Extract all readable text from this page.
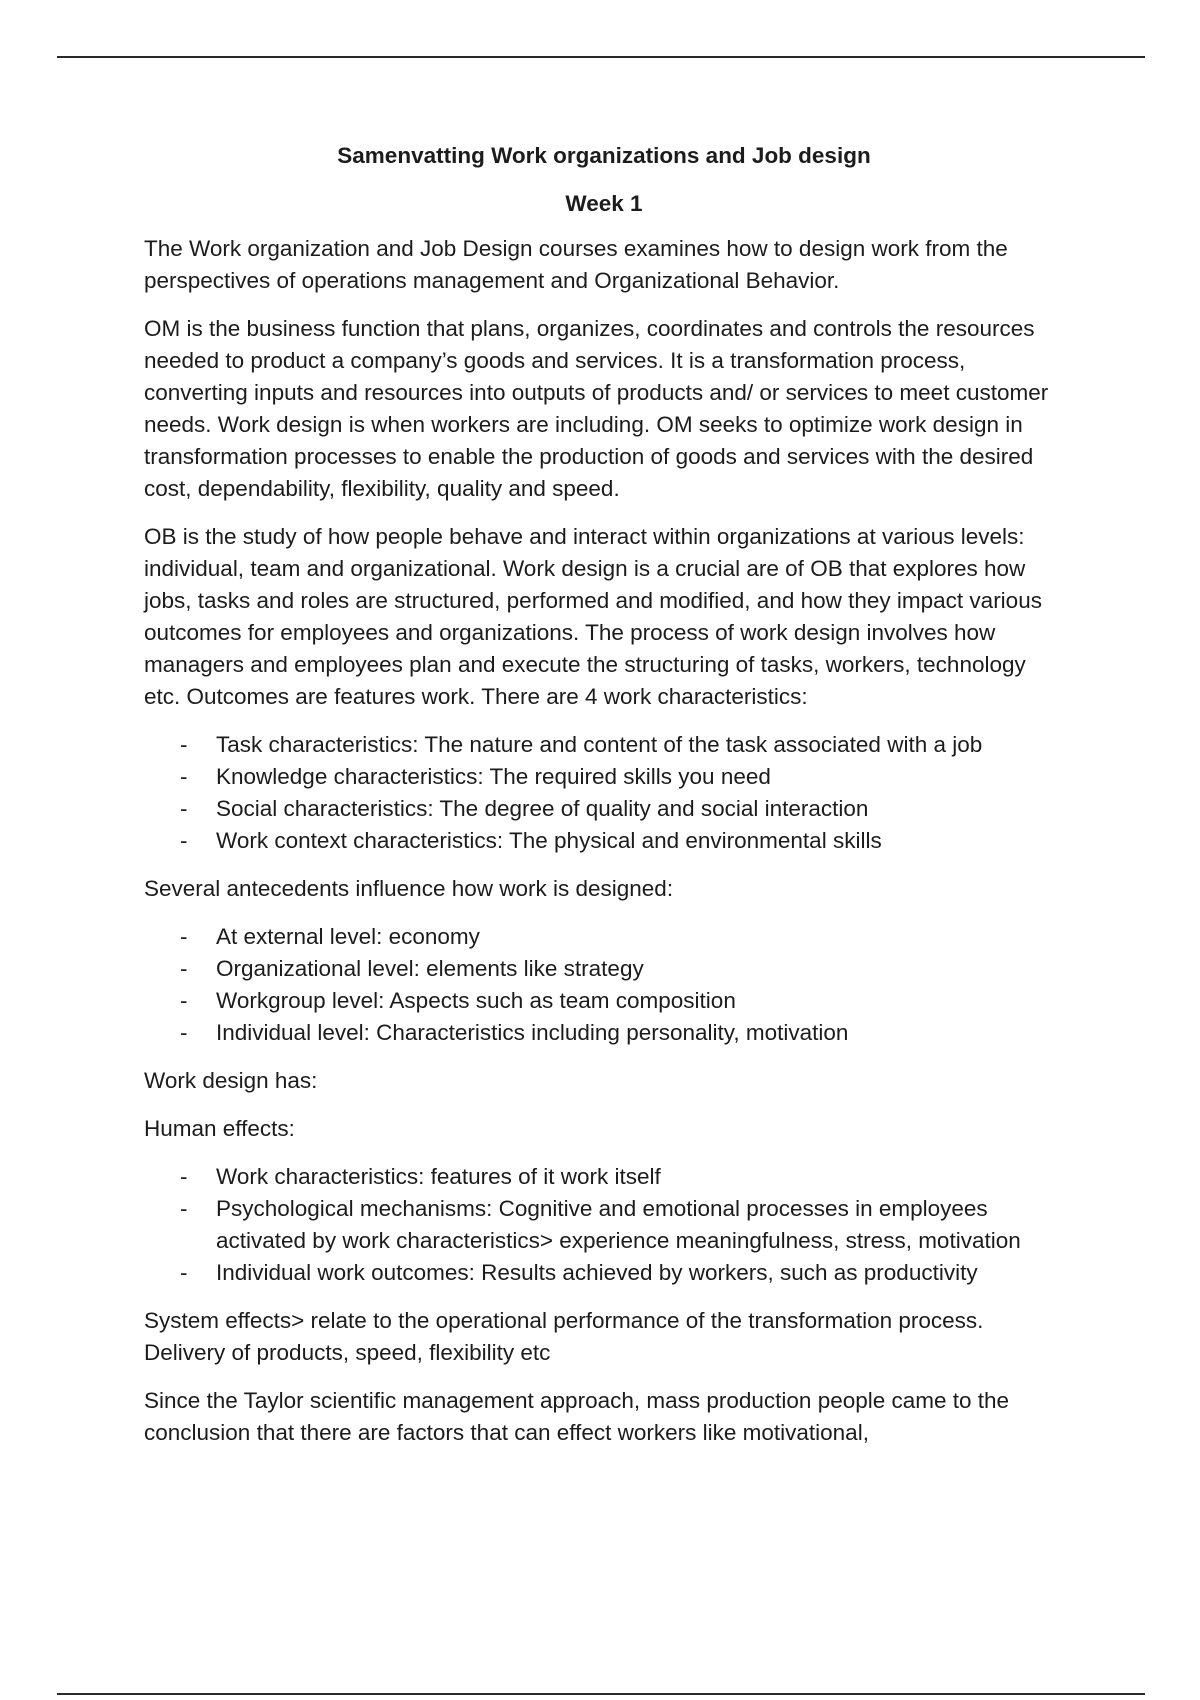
Samenvatting Work organizations and Job design
Week 1

The Work organization and Job Design courses examines how to design work from the perspectives of operations management and Organizational Behavior.

OM is the business function that plans, organizes, coordinates and controls the resources needed to product a company’s goods and services. It is a transformation process, converting inputs and resources into outputs of products and/ or services to meet customer needs. Work design is when workers are including. OM seeks to optimize work design in transformation processes to enable the production of goods and services with the desired cost, dependability, flexibility, quality and speed.

OB is the study of how people behave and interact within organizations at various levels: individual, team and organizational. Work design is a crucial are of OB that explores how jobs, tasks and roles are structured, performed and modified, and how they impact various outcomes for employees and organizations. The process of work design involves how managers and employees plan and execute the structuring of tasks, workers, technology etc. Outcomes are features work. There are 4 work characteristics:

- Task characteristics: The nature and content of the task associated with a job
- Knowledge characteristics: The required skills you need
- Social characteristics: The degree of quality and social interaction
- Work context characteristics: The physical and environmental skills

Several antecedents influence how work is designed:

- At external level: economy
- Organizational level: elements like strategy
- Workgroup level: Aspects such as team composition
- Individual level: Characteristics including personality, motivation

Work design has:

Human effects:

- Work characteristics: features of it work itself
- Psychological mechanisms: Cognitive and emotional processes in employees activated by work characteristics> experience meaningfulness, stress, motivation
- Individual work outcomes: Results achieved by workers, such as productivity

System effects> relate to the operational performance of the transformation process. Delivery of products, speed, flexibility etc

Since the Taylor scientific management approach, mass production people came to the conclusion that there are factors that can effect workers like motivational,
